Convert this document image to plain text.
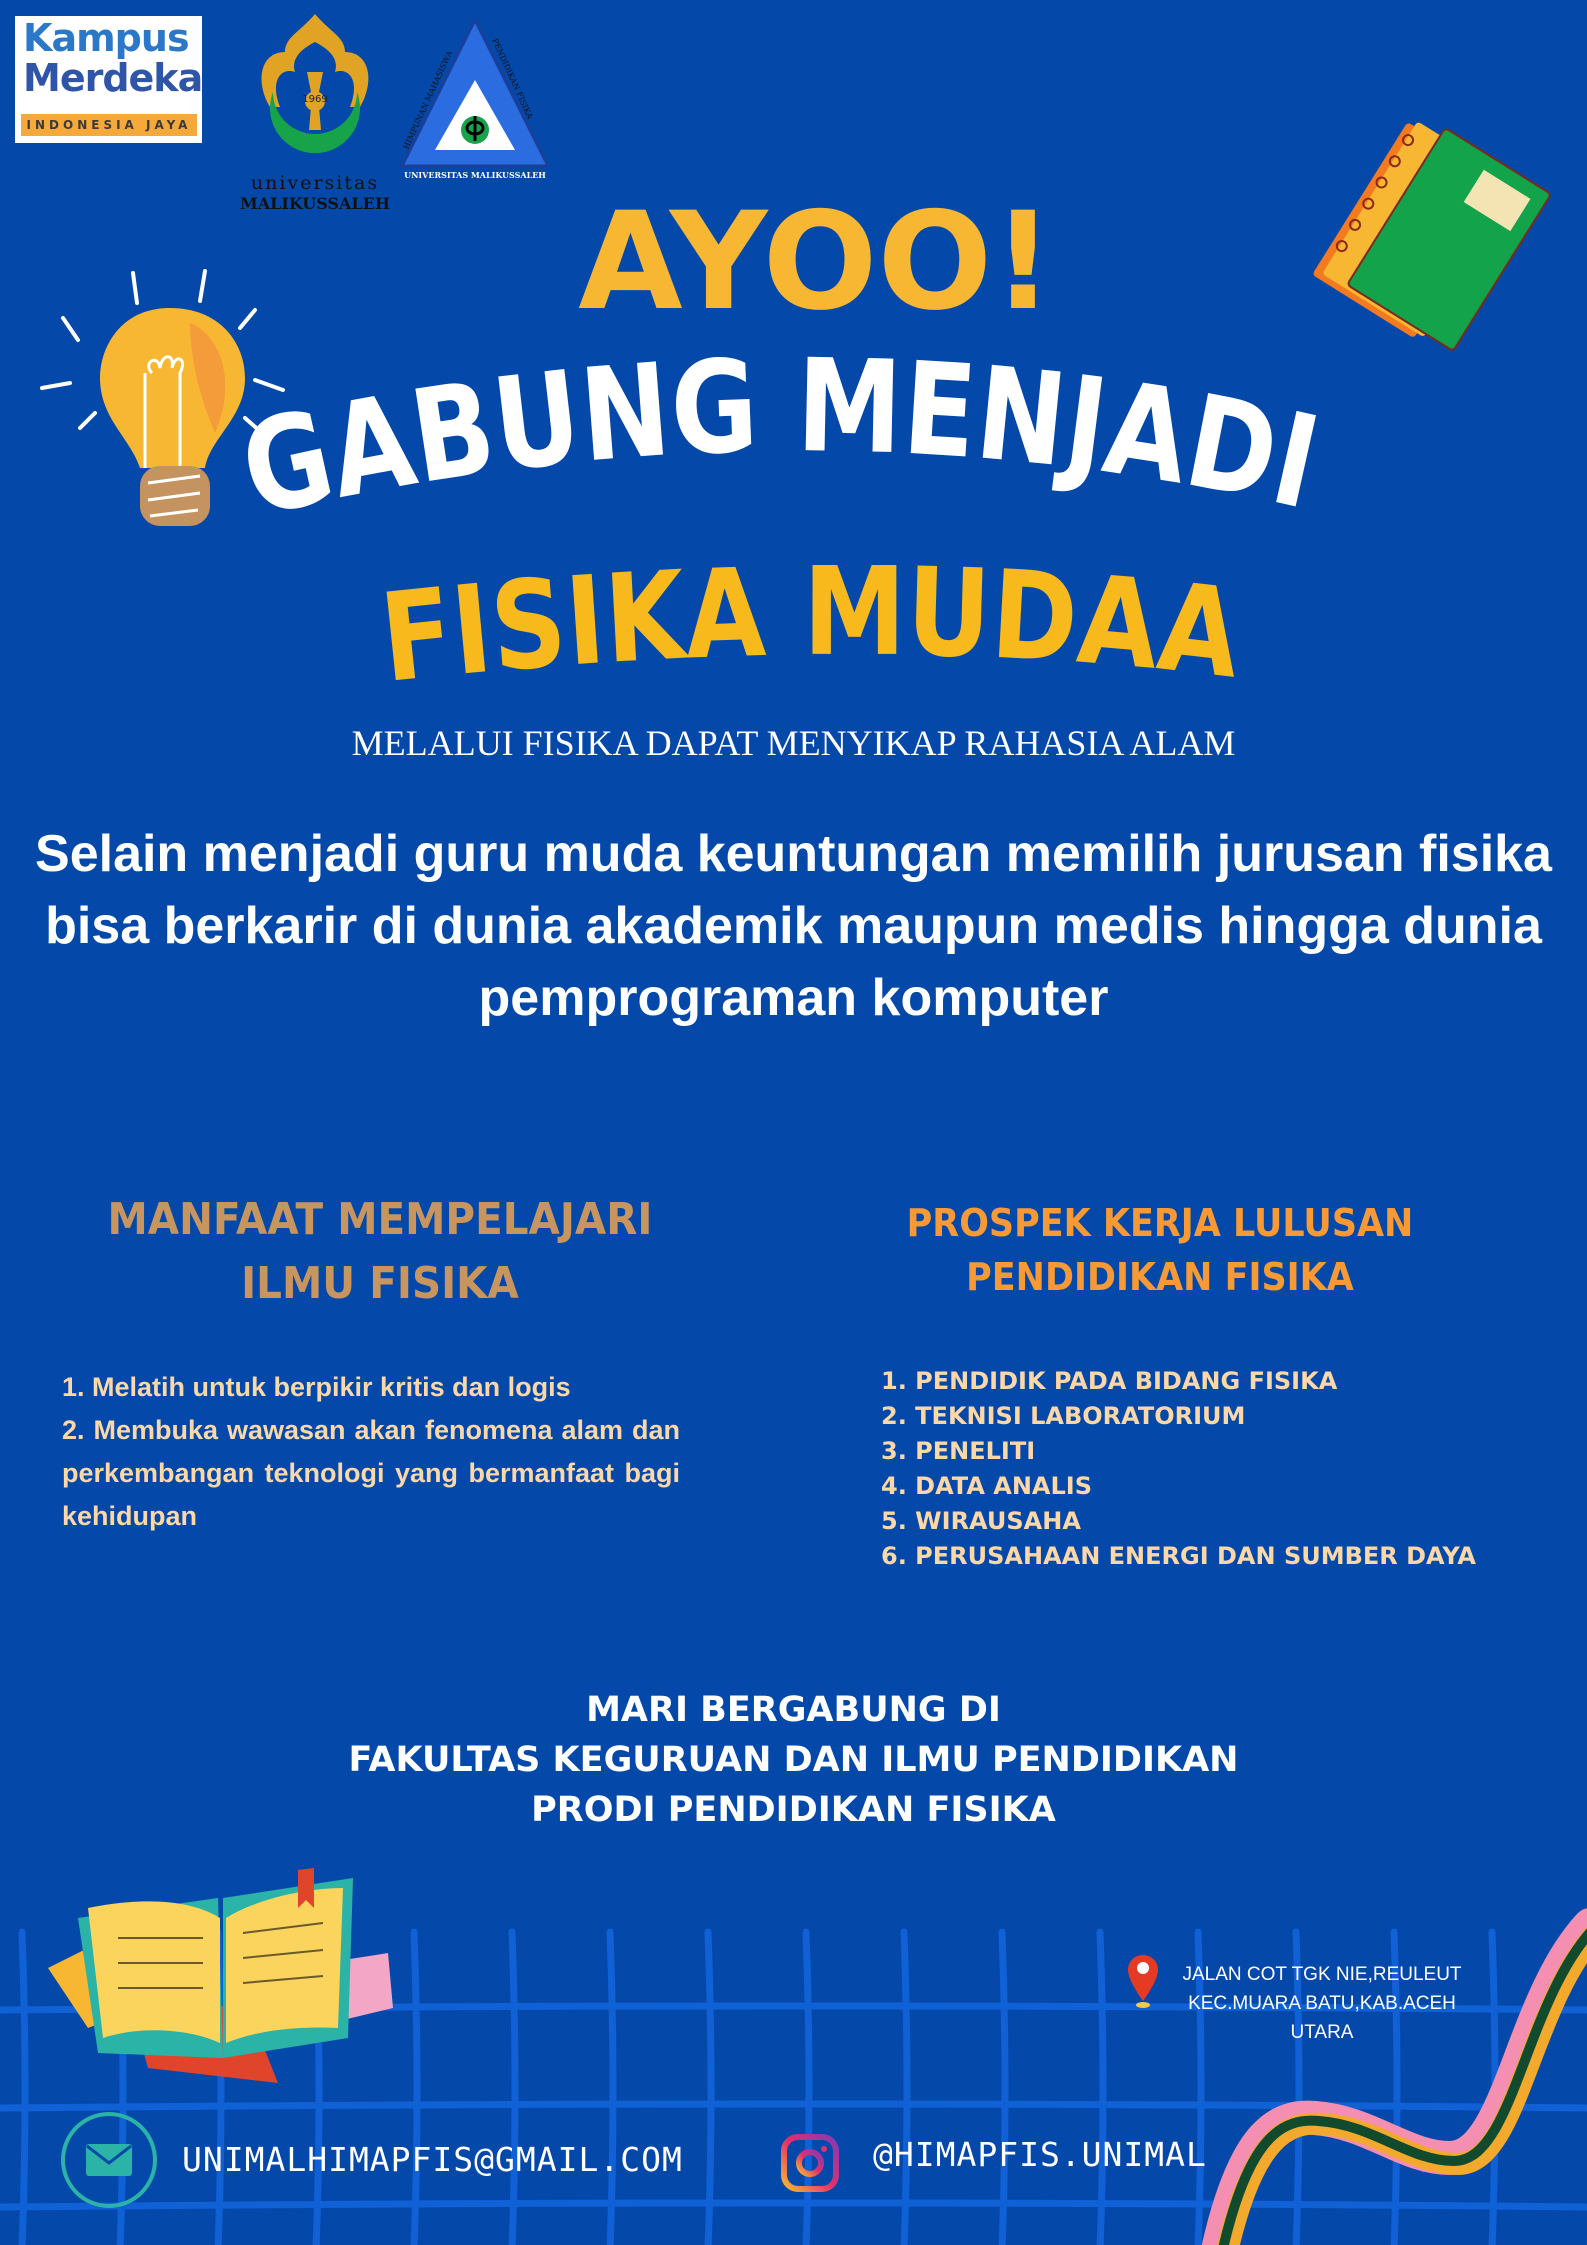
Kampus
Merdeka
INDONESIA JAYA
1969
universitas
MALIKUSSALEH
HIMPUNAN MAHASISWA
PENDIDIKAN FISIKA
UNIVERSITAS MALIKUSSALEH
AYOO!
GABUNG MENJADI
FISIKA MUDAA
MELALUI FISIKA DAPAT MENYIKAP RAHASIA ALAM
Selain menjadi guru muda keuntungan memilih jurusan fisika bisa berkarir di dunia akademik maupun medis hingga dunia pemprograman komputer
MANFAAT MEMPELAJARI
ILMU FISIKA
1. Melatih untuk berpikir kritis dan logis
2. Membuka wawasan akan fenomena alam dan perkembangan teknologi yang bermanfaat bagi kehidupan
PROSPEK KERJA LULUSAN
PENDIDIKAN FISIKA
1. PENDIDIK PADA BIDANG FISIKA
2. TEKNISI LABORATORIUM
3. PENELITI
4. DATA ANALIS
5. WIRAUSAHA
6. PERUSAHAAN ENERGI DAN SUMBER DAYA
MARI BERGABUNG DI
FAKULTAS KEGURUAN DAN ILMU PENDIDIKAN
PRODI PENDIDIKAN FISIKA
JALAN COT TGK NIE,REULEUT
KEC.MUARA BATU,KAB.ACEH
UTARA
UNIMALHIMAPFIS@GMAIL.COM	@HIMAPFIS.UNIMAL
